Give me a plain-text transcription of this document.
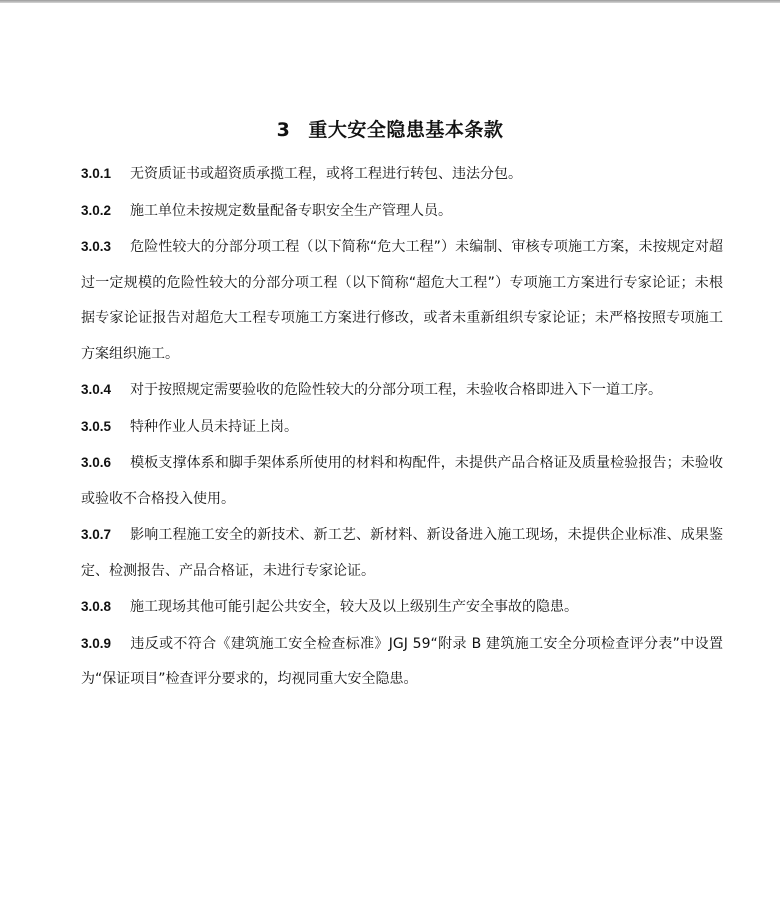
3 重大安全隐患基本条款

3.0.1 无资质证书或超资质承揽工程，或将工程进行转包、违法分包。

3.0.2 施工单位未按规定数量配备专职安全生产管理人员。

3.0.3 危险性较大的分部分项工程（以下简称“危大工程”）未编制、审核专项施工方案，未按规定对超过一定规模的危险性较大的分部分项工程（以下简称“超危大工程”）专项施工方案进行专家论证；未根据专家论证报告对超危大工程专项施工方案进行修改，或者未重新组织专家论证；未严格按照专项施工方案组织施工。

3.0.4 对于按照规定需要验收的危险性较大的分部分项工程，未验收合格即进入下一道工序。

3.0.5 特种作业人员未持证上岗。

3.0.6 模板支撑体系和脚手架体系所使用的材料和构配件，未提供产品合格证及质量检验报告；未验收或验收不合格投入使用。

3.0.7 影响工程施工安全的新技术、新工艺、新材料、新设备进入施工现场，未提供企业标准、成果鉴定、检测报告、产品合格证，未进行专家论证。

3.0.8 施工现场其他可能引起公共安全，较大及以上级别生产安全事故的隐患。

3.0.9 违反或不符合《建筑施工安全检查标准》JGJ 59“附录 B 建筑施工安全分项检查评分表”中设置为“保证项目”检查评分要求的，均视同重大安全隐患。
